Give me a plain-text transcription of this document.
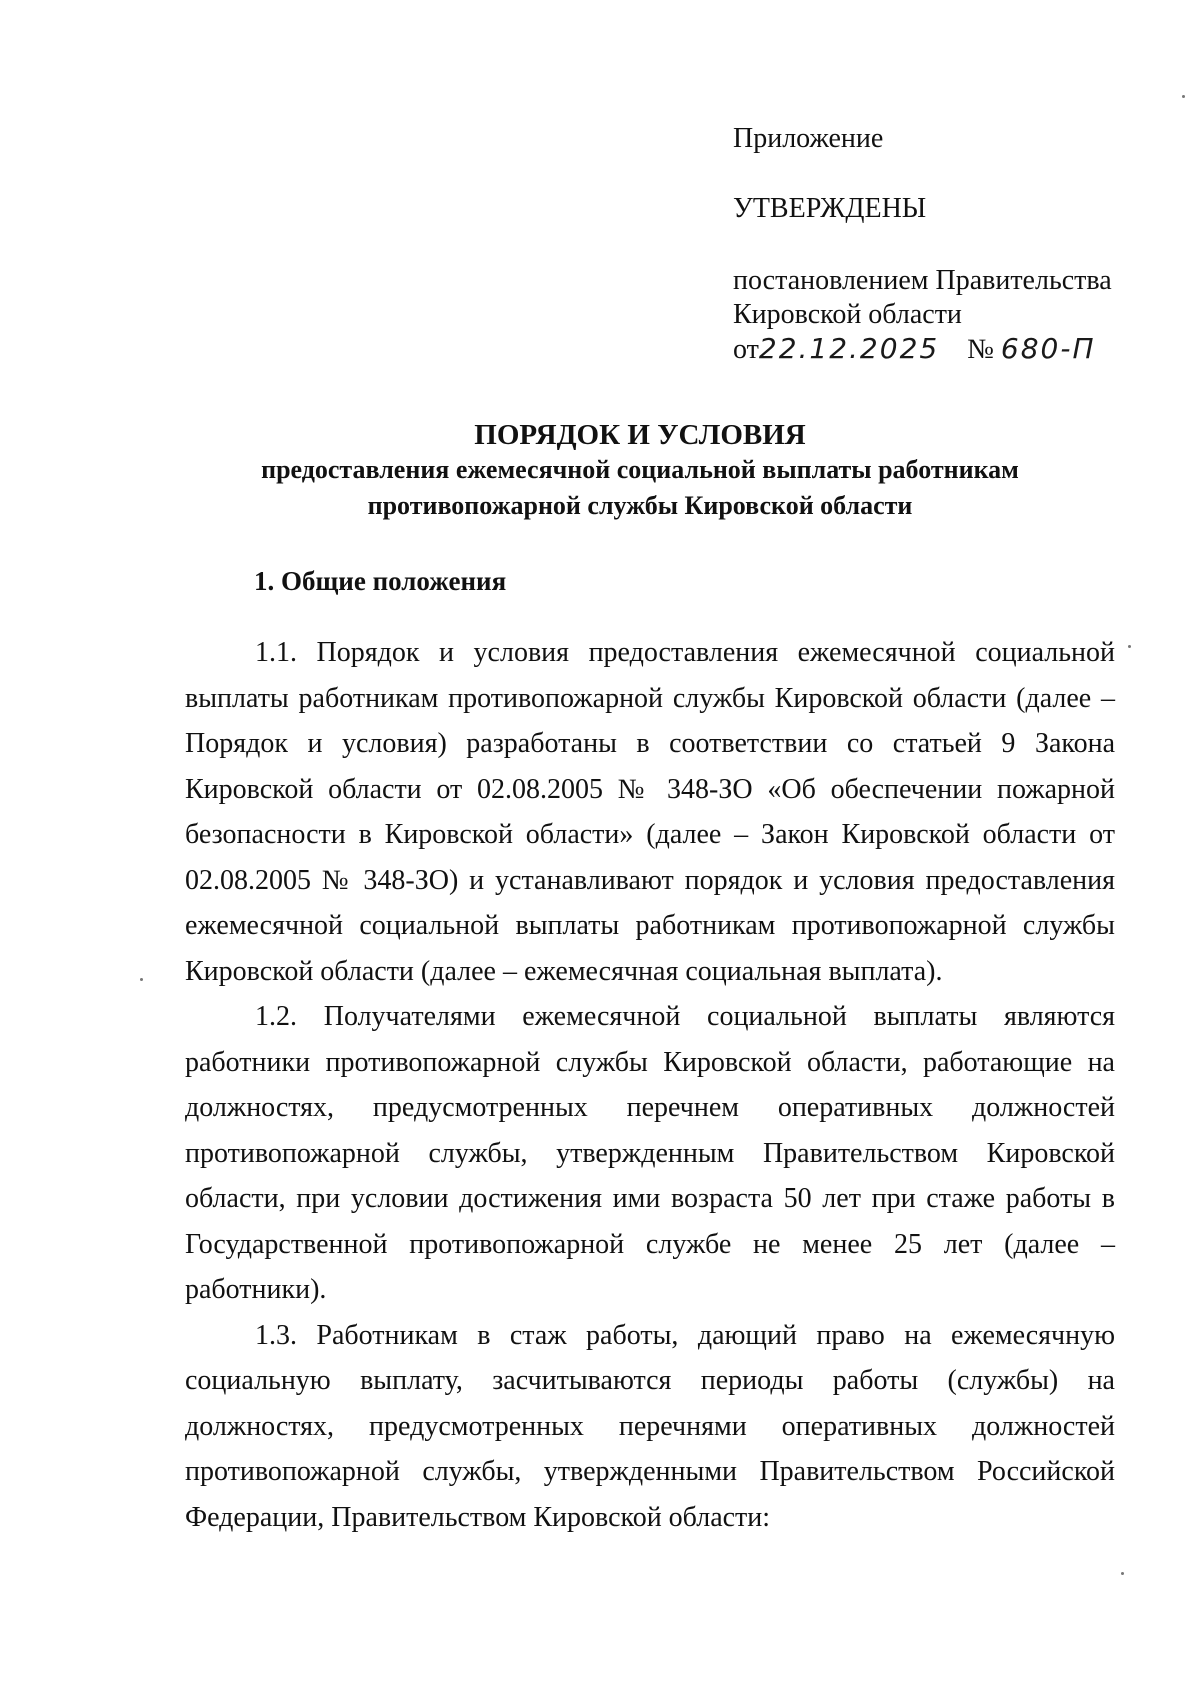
Приложение

УТВЕРЖДЕНЫ

постановлением Правительства
Кировской области
от22.12.2025 № 680-П

ПОРЯДОК И УСЛОВИЯ

предоставления ежемесячной социальной выплаты работникам

противопожарной службы Кировской области

1. Общие положения

1.1. Порядок и условия предоставления ежемесячной социальной выплаты работникам противопожарной службы Кировской области (далее – Порядок и условия) разработаны в соответствии со статьей 9 Закона Кировской области от 02.08.2005 № 348-ЗО «Об обеспечении пожарной безопасности в Кировской области» (далее – Закон Кировской области от 02.08.2005 № 348-ЗО) и устанавливают порядок и условия предоставления ежемесячной социальной выплаты работникам противопожарной службы Кировской области (далее – ежемесячная социальная выплата).

1.2. Получателями ежемесячной социальной выплаты являются работники противопожарной службы Кировской области, работающие на должностях, предусмотренных перечнем оперативных должностей противопожарной службы, утвержденным Правительством Кировской области, при условии достижения ими возраста 50 лет при стаже работы в Государственной противопожарной службе не менее 25 лет (далее – работники).

1.3. Работникам в стаж работы, дающий право на ежемесячную социальную выплату, засчитываются периоды работы (службы) на должностях, предусмотренных перечнями оперативных должностей противопожарной службы, утвержденными Правительством Российской Федерации, Правительством Кировской области:
